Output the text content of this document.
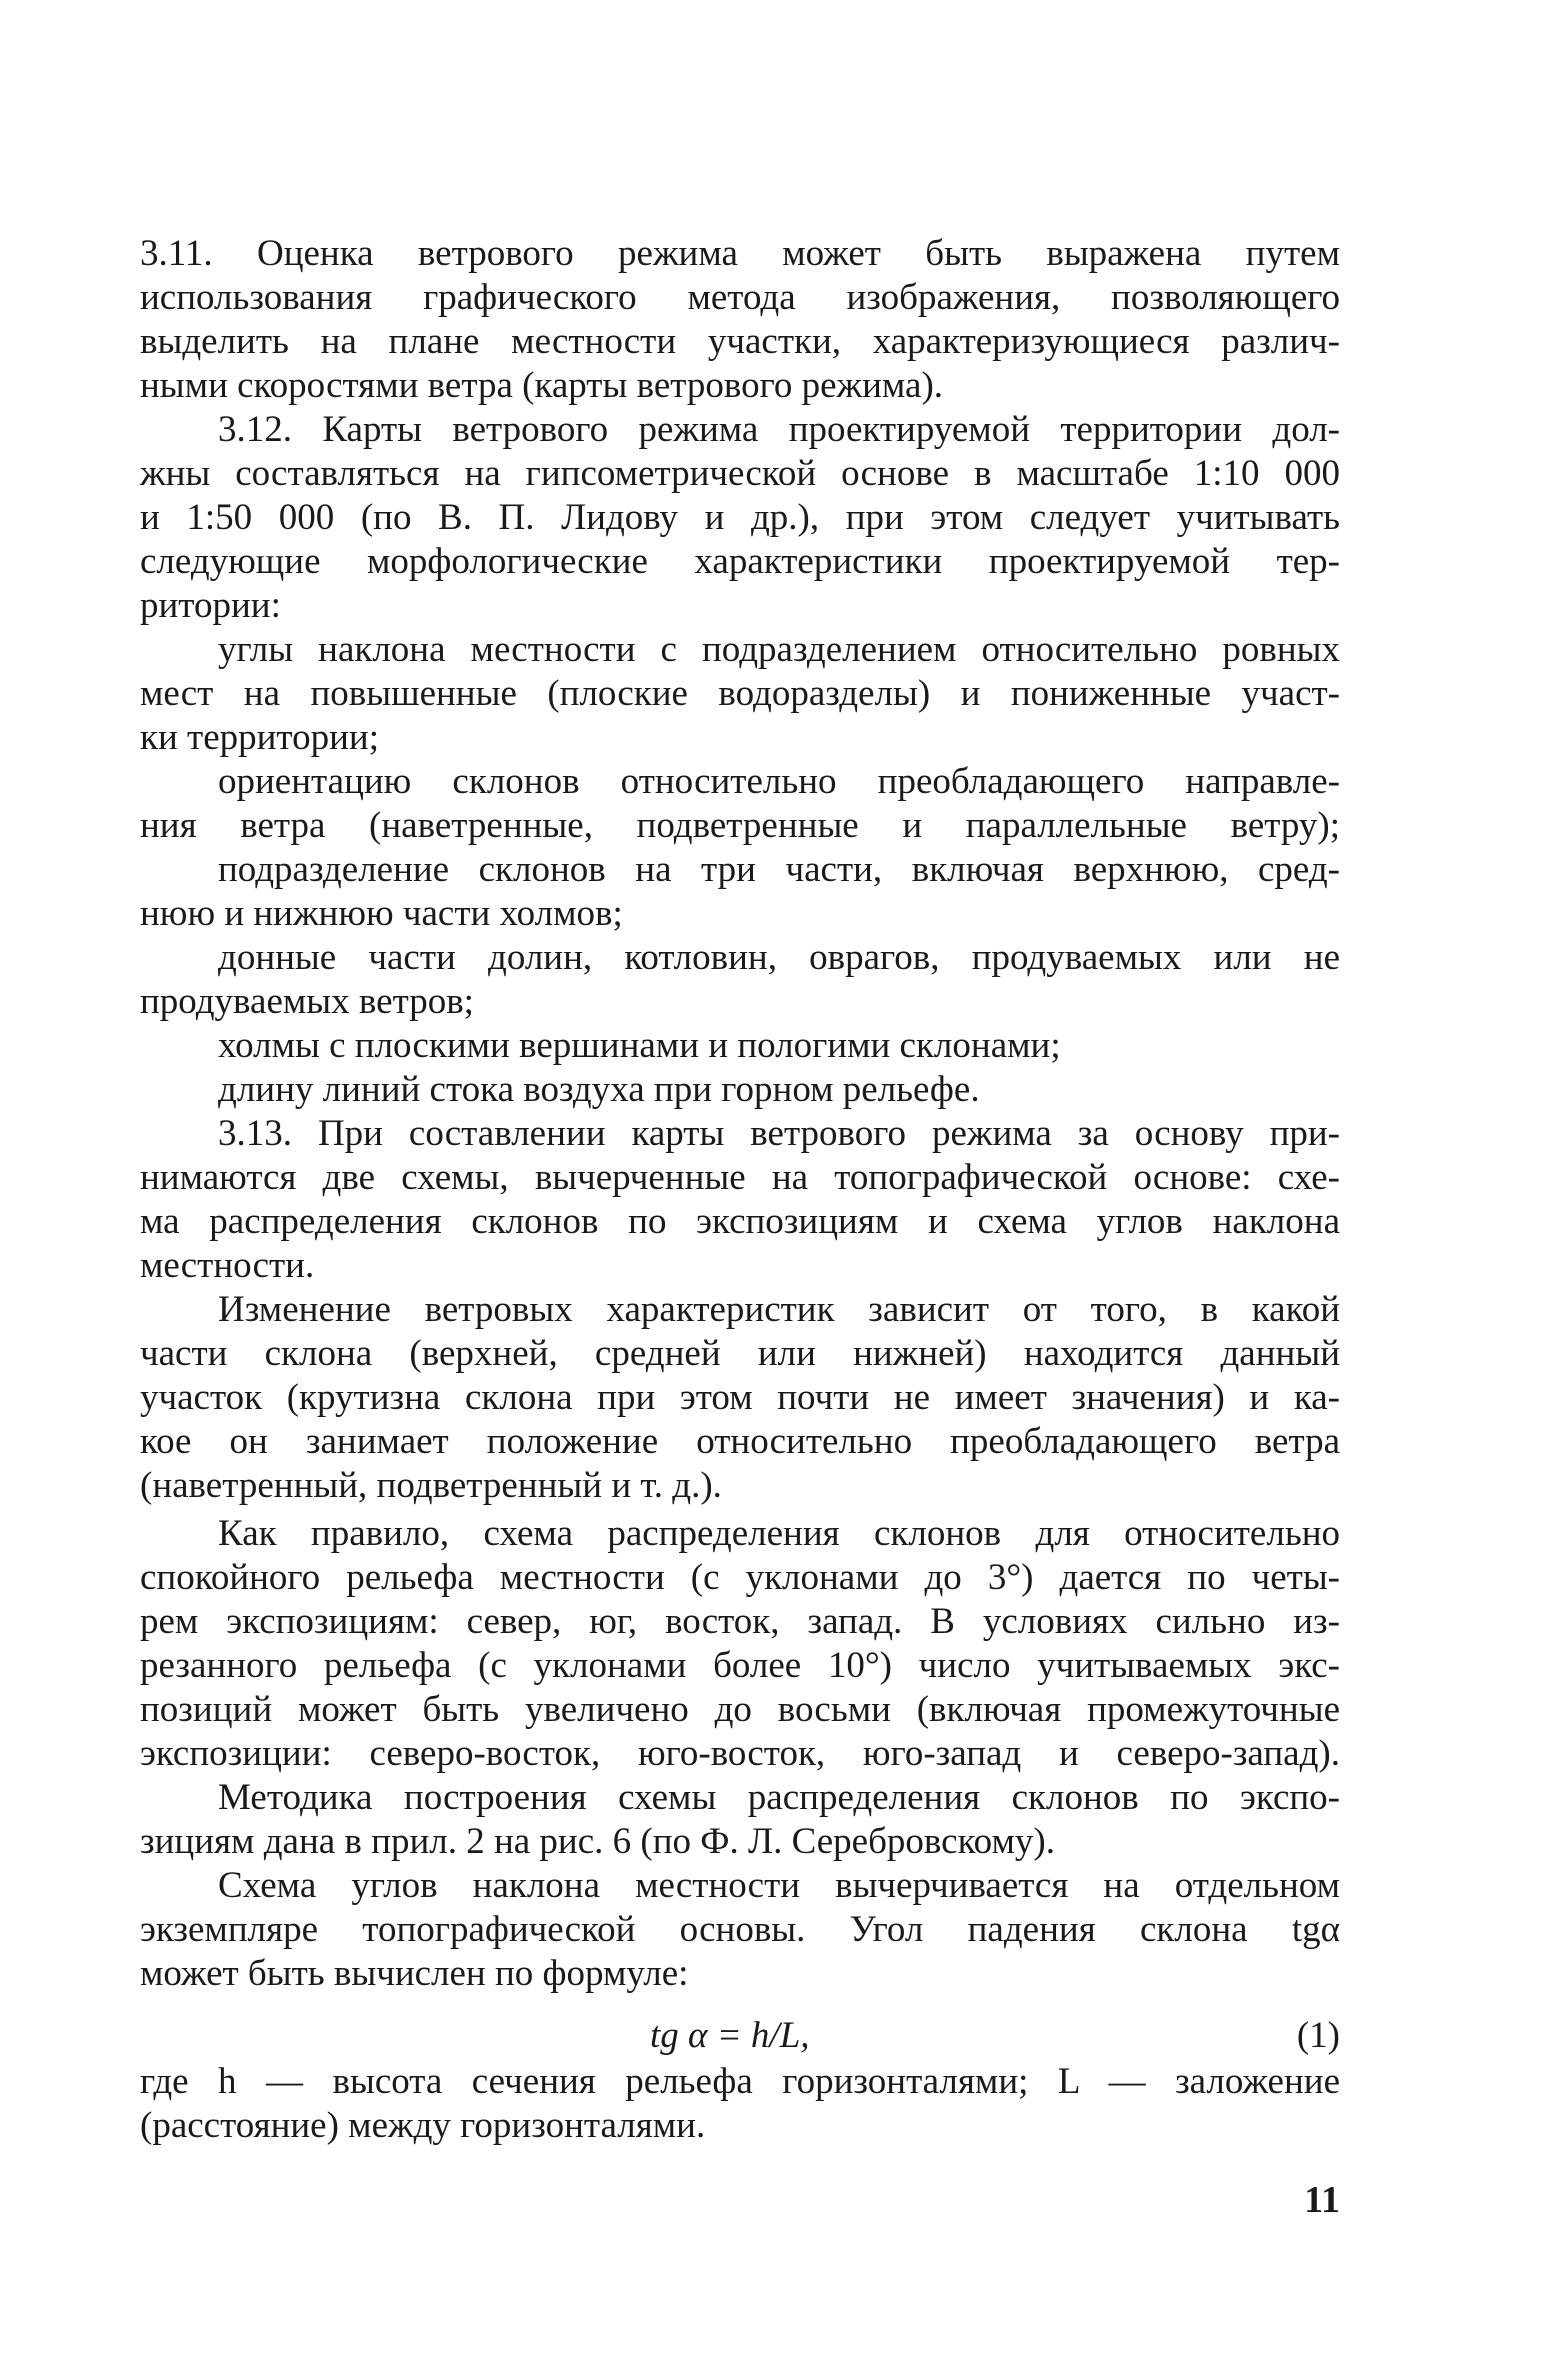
3.11. Оценка ветрового режима может быть выражена путем
использования графического метода изображения, позволяющего
выделить на плане местности участки, характеризующиеся различ-
ными скоростями ветра (карты ветрового режима).
3.12. Карты ветрового режима проектируемой территории дол-
жны составляться на гипсометрической основе в масштабе 1:10 000
и 1:50 000 (по В. П. Лидову и др.), при этом следует учитывать
следующие морфологические характеристики проектируемой тер-
ритории:
углы наклона местности с подразделением относительно ровных
мест на повышенные (плоские водоразделы) и пониженные участ-
ки территории;
ориентацию склонов относительно преобладающего направле-
ния ветра (наветренные, подветренные и параллельные ветру);
подразделение склонов на три части, включая верхнюю, сред-
нюю и нижнюю части холмов;
донные части долин, котловин, оврагов, продуваемых или не
продуваемых ветров;
холмы с плоскими вершинами и пологими склонами;
длину линий стока воздуха при горном рельефе.
3.13. При составлении карты ветрового режима за основу при-
нимаются две схемы, вычерченные на топографической основе: схе-
ма распределения склонов по экспозициям и схема углов наклона
местности.
Изменение ветровых характеристик зависит от того, в какой
части склона (верхней, средней или нижней) находится данный
участок (крутизна склона при этом почти не имеет значения) и ка-
кое он занимает положение относительно преобладающего ветра
(наветренный, подветренный и т. д.).
Как правило, схема распределения склонов для относительно
спокойного рельефа местности (с уклонами до 3°) дается по четы-
рем экспозициям: север, юг, восток, запад. В условиях сильно из-
резанного рельефа (с уклонами более 10°) число учитываемых экс-
позиций может быть увеличено до восьми (включая промежуточные
экспозиции: северо-восток, юго-восток, юго-запад и северо-запад).
Методика построения схемы распределения склонов по экспо-
зициям дана в прил. 2 на рис. 6 (по Ф. Л. Серебровскому).
Схема углов наклона местности вычерчивается на отдельном
экземпляре топографической основы. Угол падения склона tgα
может быть вычислен по формуле:
tg α = h/L,	(1)
где h — высота сечения рельефа горизонталями; L — заложение
(расстояние) между горизонталями.
11
